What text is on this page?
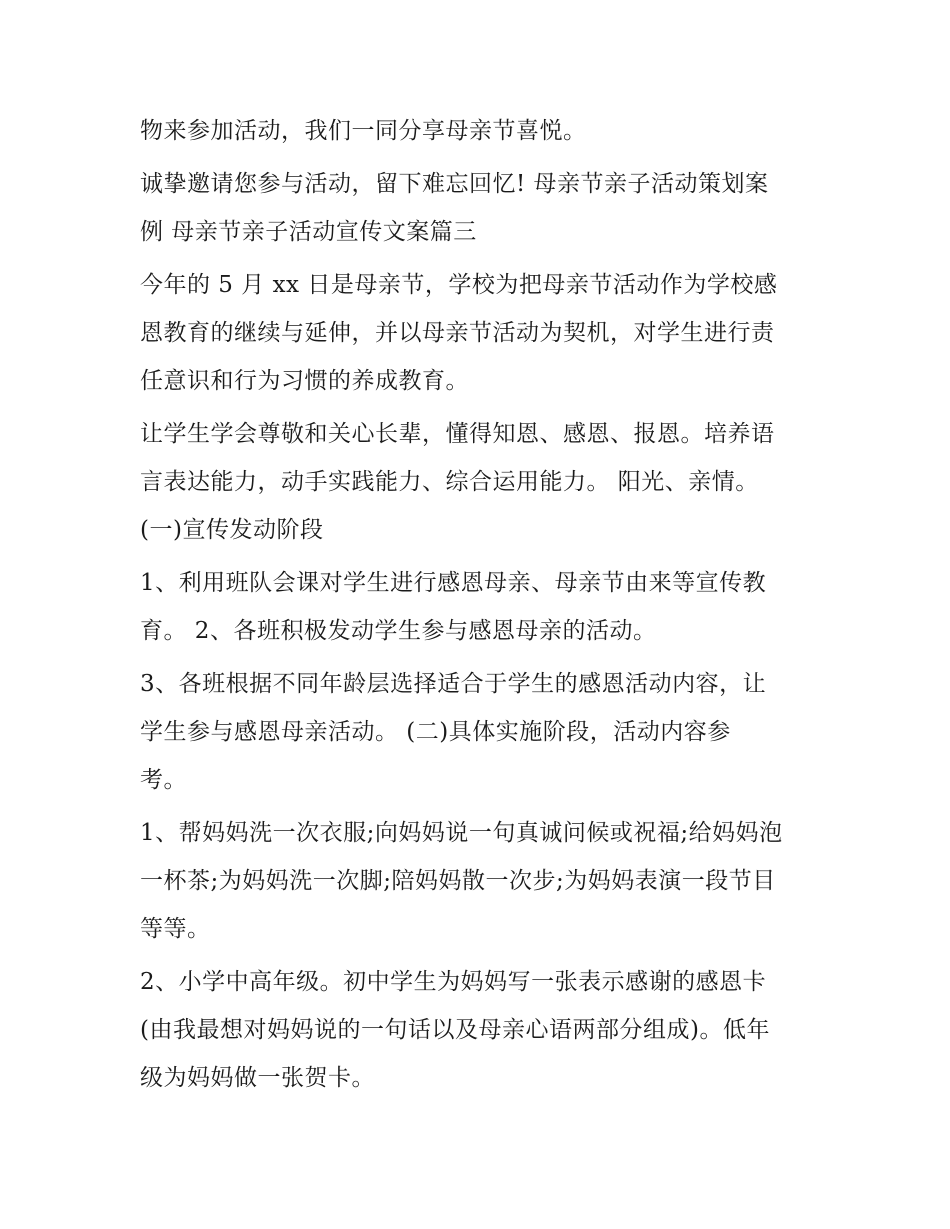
物来参加活动，我们一同分享母亲节喜悦。
诚挚邀请您参与活动，留下难忘回忆! 母亲节亲子活动策划案
例 母亲节亲子活动宣传文案篇三
今年的 5 月 xx 日是母亲节，学校为把母亲节活动作为学校感
恩教育的继续与延伸，并以母亲节活动为契机，对学生进行责
任意识和行为习惯的养成教育。
让学生学会尊敬和关心长辈，懂得知恩、感恩、报恩。培养语
言表达能力，动手实践能力、综合运用能力。 阳光、亲情。
(一)宣传发动阶段
1、利用班队会课对学生进行感恩母亲、母亲节由来等宣传教
育。 2、各班积极发动学生参与感恩母亲的活动。
3、各班根据不同年龄层选择适合于学生的感恩活动内容，让
学生参与感恩母亲活动。 (二)具体实施阶段，活动内容参
考。
1、帮妈妈洗一次衣服;向妈妈说一句真诚问候或祝福;给妈妈泡
一杯茶;为妈妈洗一次脚;陪妈妈散一次步;为妈妈表演一段节目
等等。
2、小学中高年级。初中学生为妈妈写一张表示感谢的感恩卡
(由我最想对妈妈说的一句话以及母亲心语两部分组成)。低年
级为妈妈做一张贺卡。
